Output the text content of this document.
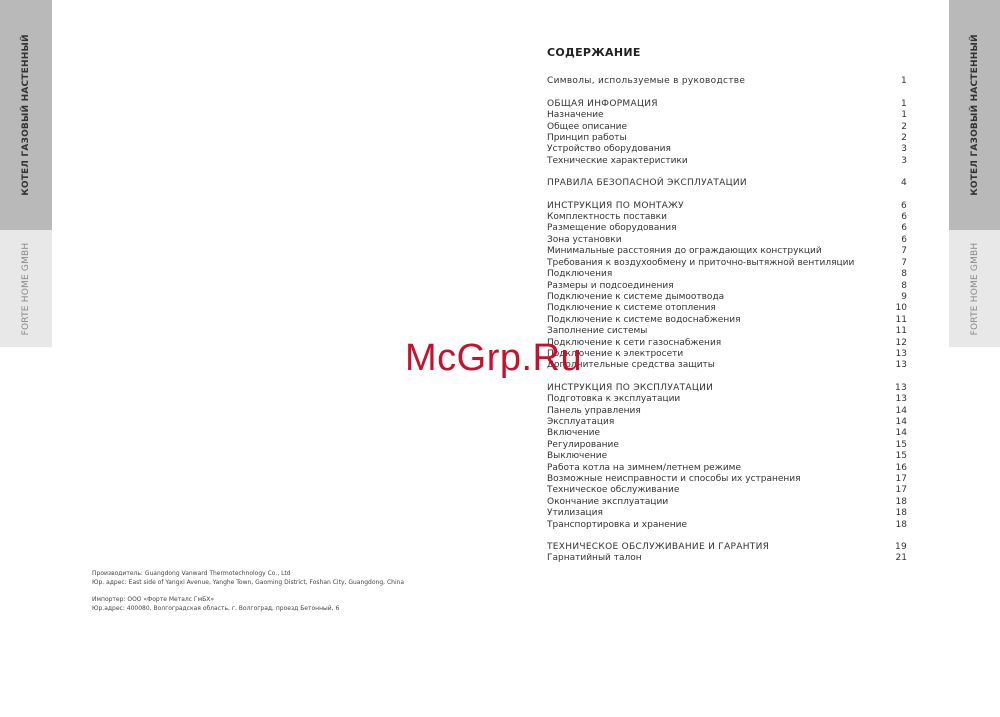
КОТЕЛ ГАЗОВЫЙ НАСТЕННЫЙ
FORTE HOME GMBH
КОТЕЛ ГАЗОВЫЙ НАСТЕННЫЙ
FORTE HOME GMBH
СОДЕРЖАНИЕ
Символы, используемые в руководстве	1
ОБЩАЯ ИНФОРМАЦИЯ	1
Назначение	1
Общее описание	2
Принцип работы	2
Устройство оборудования	3
Технические характеристики	3
ПРАВИЛА БЕЗОПАСНОЙ ЭКСПЛУАТАЦИИ	4
ИНСТРУКЦИЯ ПО МОНТАЖУ	6
Комплектность поставки	6
Размещение оборудования	6
Зона установки	6
Минимальные расстояния до ограждающих конструкций	7
Требования к воздухообмену и приточно-вытяжной вентиляции	7
Подключения	8
Размеры и подсоединения	8
Подключение к системе дымоотвода	9
Подключение к системе отопления	10
Подключение к системе водоснабжения	11
Заполнение системы	11
Подключение к сети газоснабжения	12
Подключение к электросети	13
Дополнительные средства защиты	13
ИНСТРУКЦИЯ ПО ЭКСПЛУАТАЦИИ	13
Подготовка к эксплуатации	13
Панель управления	14
Эксплуатация	14
Включение	14
Регулирование	15
Выключение	15
Работа котла на зимнем/летнем режиме	16
Возможные неисправности и способы их устранения	17
Техническое обслуживание	17
Окончание эксплуатации	18
Утилизация	18
Транспортировка и хранение	18
ТЕХНИЧЕСКОЕ ОБСЛУЖИВАНИЕ И ГАРАНТИЯ	19
Гарнатийный талон	21
McGrp.Ru
Производитель: Guangdong Vanward Thermotechnology Co., Ltd
Юр. адрес: East side of Yangxi Avenue, Yanghe Town, Gaoming District, Foshan City, Guangdong, China
Импортер: ООО «Форте Металс ГмБХ»
Юр.адрес: 400080, Волгоградская область, г. Волгоград, проезд Бетонный, 6
